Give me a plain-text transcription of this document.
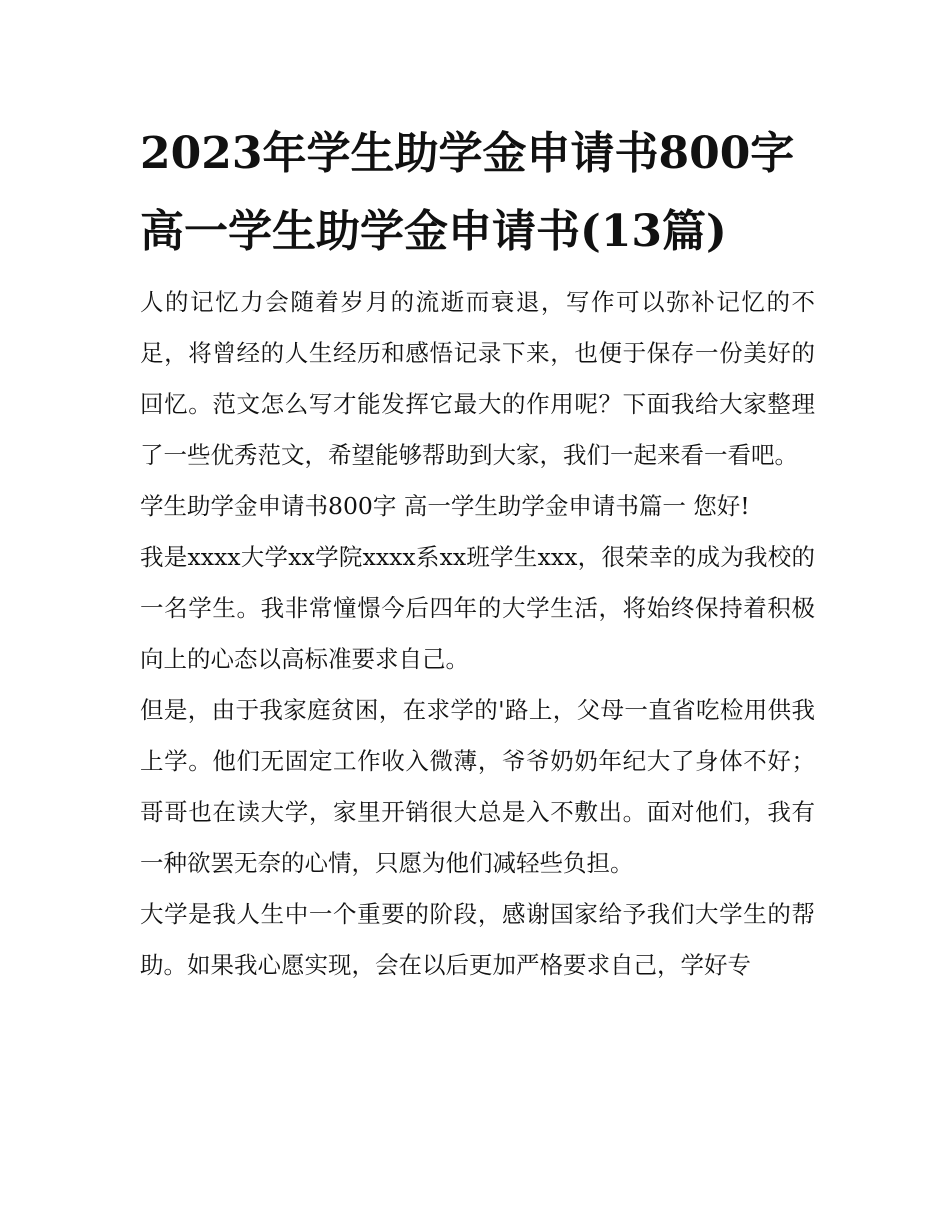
2023年学生助学金申请书800字 高一学生助学金申请书(13篇)

人的记忆力会随着岁月的流逝而衰退，写作可以弥补记忆的不足，将曾经的人生经历和感悟记录下来，也便于保存一份美好的回忆。范文怎么写才能发挥它最大的作用呢？下面我给大家整理了一些优秀范文，希望能够帮助到大家，我们一起来看一看吧。

学生助学金申请书800字 高一学生助学金申请书篇一 您好!

我是xxxx大学xx学院xxxx系xx班学生xxx，很荣幸的成为我校的一名学生。我非常憧憬今后四年的大学生活，将始终保持着积极向上的心态以高标准要求自己。

但是，由于我家庭贫困，在求学的'路上，父母一直省吃检用供我上学。他们无固定工作收入微薄，爷爷奶奶年纪大了身体不好；哥哥也在读大学，家里开销很大总是入不敷出。面对他们，我有一种欲罢无奈的心情，只愿为他们减轻些负担。

大学是我人生中一个重要的阶段，感谢国家给予我们大学生的帮助。如果我心愿实现，会在以后更加严格要求自己，学好专
